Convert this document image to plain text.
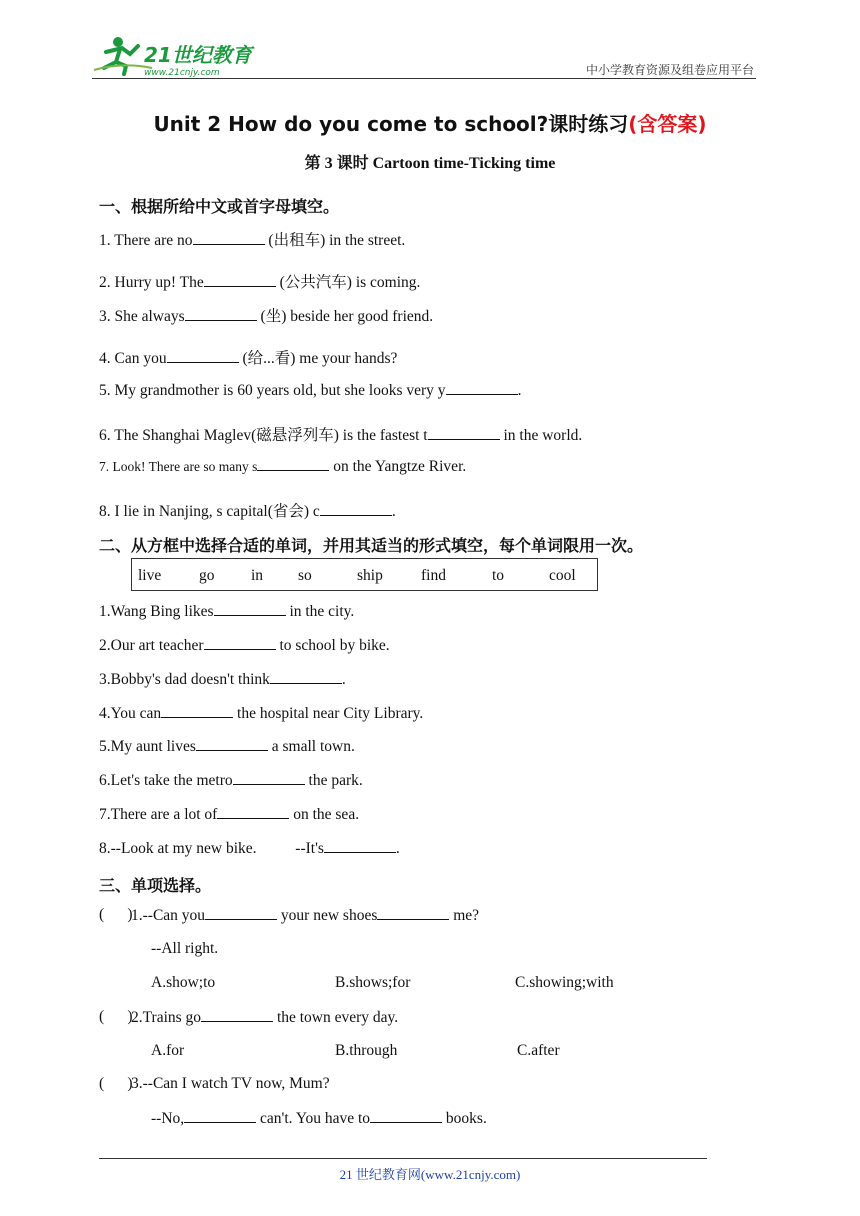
21世纪教育
www.21cnjy.com	中小学教育资源及组卷应用平台
Unit 2 How do you come to school?课时练习(含答案)
第 3 课时 Cartoon time-Ticking time
一、根据所给中文或首字母填空。
1. There are no	(出租车) in the street.
2. Hurry up! The	(公共汽车) is coming.
3. She always	(坐) beside her good friend.
4. Can you	(给...看) me your hands?
5. My grandmother is 60 years old, but she looks very y	.
6. The Shanghai Maglev(磁悬浮列车) is the fastest t	in the world.
7. Look! There are so many s	on the Yangtze River.
8. I lie in Nanjing, s capital(省会) c	.
二、从方框中选择合适的单词，并用其适当的形式填空，每个单词限用一次。
live go in so	ship find	to	cool
1.Wang Bing likes	in the city.
2.Our art teacher	to school by bike.
3.Bobby's dad doesn't think	.
4.You can	the hospital near City Library.
5.My aunt lives	a small town.
6.Let's take the metro	the park.
7.There are a lot of	on the sea.
8.--Look at my new bike.          --It's	.
三、单项选择。
(      )
1.--Can you	your new shoes	me?
--All right.
A.show;to	B.shows;for	C.showing;with
(      )
2.Trains go	the town every day.
A.for	B.through	C.after
(      )
3.--Can I watch TV now, Mum?
--No,	can't. You have to	books.
21 世纪教育网(www.21cnjy.com)
